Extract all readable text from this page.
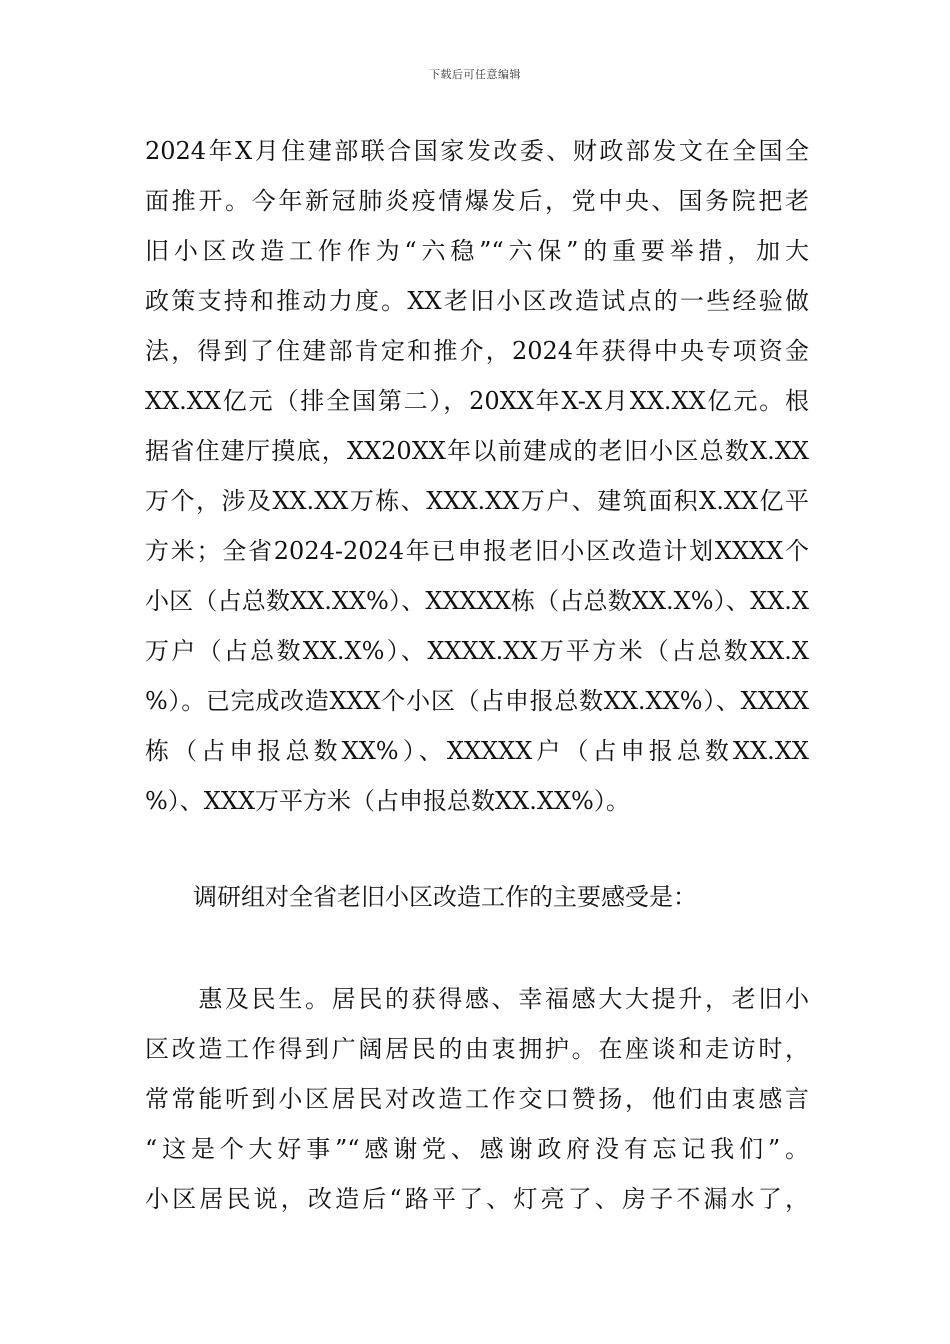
下载后可任意编辑
2024年X月住建部联合国家发改委、财政部发文在全国全
面推开。今年新冠肺炎疫情爆发后，党中央、国务院把老
旧小区改造工作作为“六稳”“六保”的重要举措，加大
政策支持和推动力度。XX老旧小区改造试点的一些经验做
法，得到了住建部肯定和推介，2024年获得中央专项资金
XX.XX亿元（排全国第二），20XX年X-X月XX.XX亿元。根
据省住建厅摸底，XX20XX年以前建成的老旧小区总数X.XX
万个，涉及XX.XX万栋、XXX.XX万户、建筑面积X.XX亿平
方米；全省2024-2024年已申报老旧小区改造计划XXXX个
小区（占总数XX.XX%）、XXXXX栋（占总数XX.X%）、XX.X
万户（占总数XX.X%）、XXXX.XX万平方米（占总数XX.X
%）。已完成改造XXX个小区（占申报总数XX.XX%）、XXXX
栋（占申报总数XX%）、XXXXX户（占申报总数XX.XX
%）、XXX万平方米（占申报总数XX.XX%）。
　　调研组对全省老旧小区改造工作的主要感受是：
　　惠及民生。居民的获得感、幸福感大大提升，老旧小
区改造工作得到广阔居民的由衷拥护。在座谈和走访时，
常常能听到小区居民对改造工作交口赞扬，他们由衷感言
“这是个大好事”“感谢党、感谢政府没有忘记我们”。
小区居民说，改造后“路平了、灯亮了、房子不漏水了，
